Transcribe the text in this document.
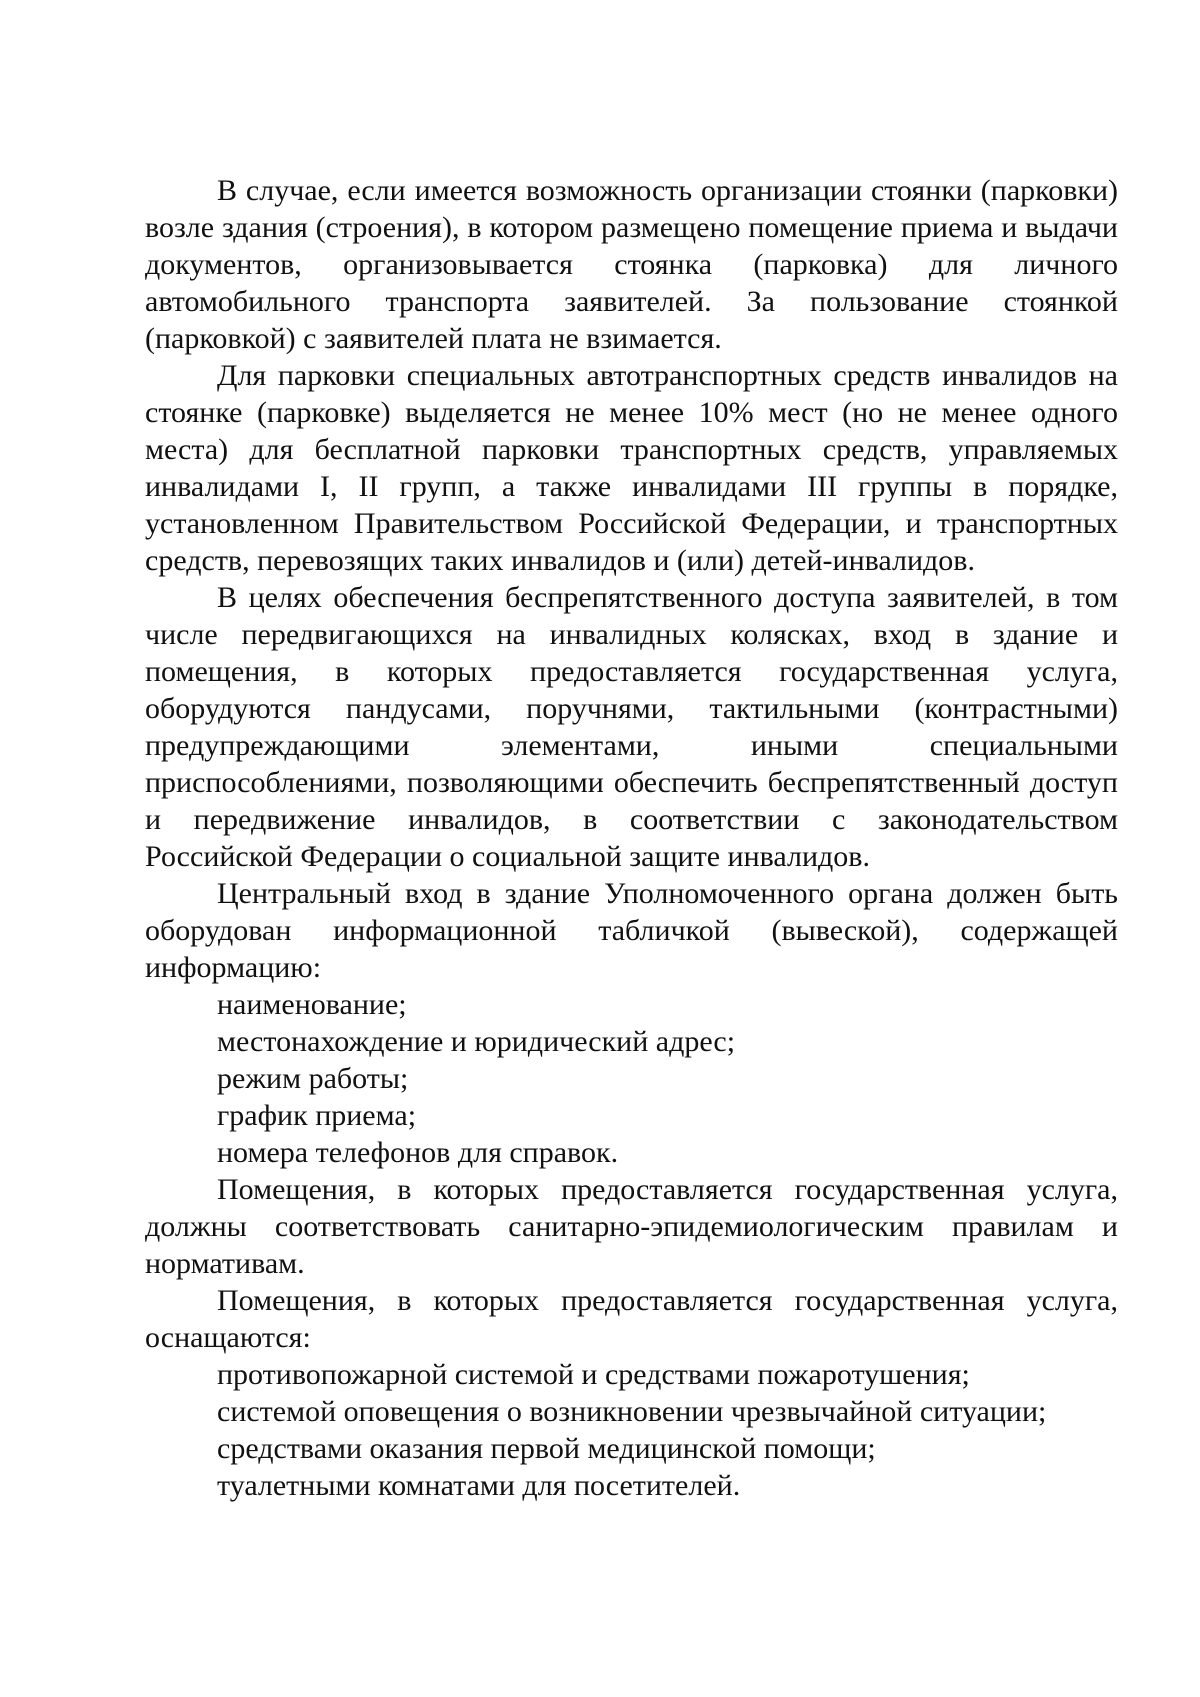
В случае, если имеется возможность организации стоянки (парковки) возле здания (строения), в котором размещено помещение приема и выдачи документов, организовывается стоянка (парковка) для личного автомобильного транспорта заявителей. За пользование стоянкой (парковкой) с заявителей плата не взимается.

Для парковки специальных автотранспортных средств инвалидов на стоянке (парковке) выделяется не менее 10% мест (но не менее одного места) для бесплатной парковки транспортных средств, управляемых инвалидами I, II групп, а также инвалидами III группы в порядке, установленном Правительством Российской Федерации, и транспортных средств, перевозящих таких инвалидов и (или) детей-инвалидов.

В целях обеспечения беспрепятственного доступа заявителей, в том числе передвигающихся на инвалидных колясках, вход в здание и помещения, в которых предоставляется государственная услуга, оборудуются пандусами, поручнями, тактильными (контрастными) предупреждающими элементами, иными специальными приспособлениями, позволяющими обеспечить беспрепятственный доступ и передвижение инвалидов, в соответствии с законодательством Российской Федерации о социальной защите инвалидов.

Центральный вход в здание Уполномоченного органа должен быть оборудован информационной табличкой (вывеской), содержащей информацию:

наименование;

местонахождение и юридический адрес;

режим работы;

график приема;

номера телефонов для справок.

Помещения, в которых предоставляется государственная услуга, должны соответствовать санитарно-эпидемиологическим правилам и нормативам.

Помещения, в которых предоставляется государственная услуга, оснащаются:

противопожарной системой и средствами пожаротушения;

системой оповещения о возникновении чрезвычайной ситуации;

средствами оказания первой медицинской помощи;

туалетными комнатами для посетителей.
